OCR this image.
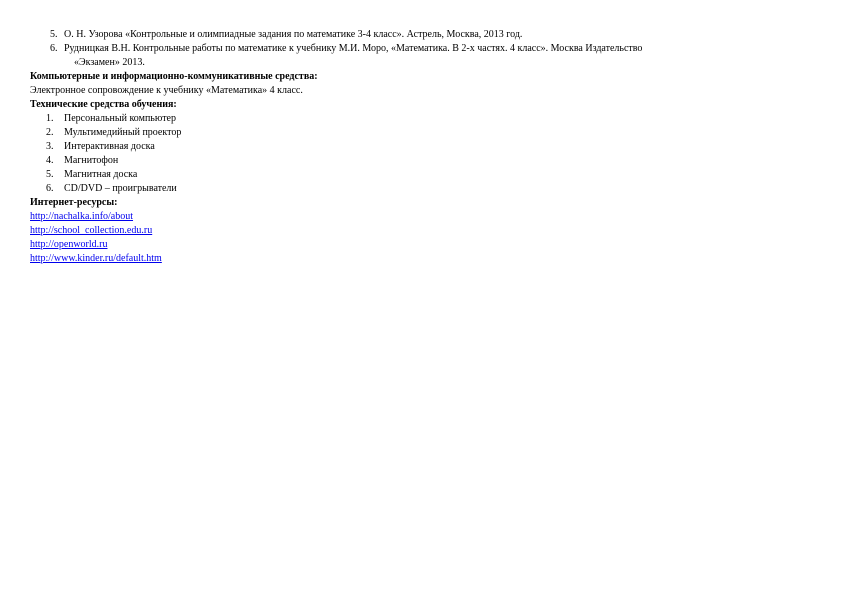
5. О. Н. Узорова «Контрольные и олимпиадные задания по математике 3-4 класс». Астрель, Москва, 2013 год.
6. Рудницкая В.Н. Контрольные работы по математике к учебнику М.И. Моро, «Математика. В 2-х частях. 4 класс». Москва Издательство
«Экзамен» 2013.

Компьютерные и информационно-коммуникативные средства:

Электронное сопровождение к учебнику «Математика» 4 класс.

Технические средства обучения:

1.	Персональный компьютер
2.	Мультимедийный проектор
3.	Интерактивная доска
4.	Магнитофон
5.	Магнитная доска
6.	CD/DVD – проигрыватели

Интернет-ресурсы:

http://nachalka.info/about
http://school_collection.edu.ru
http://openworld.ru
http://www.kinder.ru/default.htm
